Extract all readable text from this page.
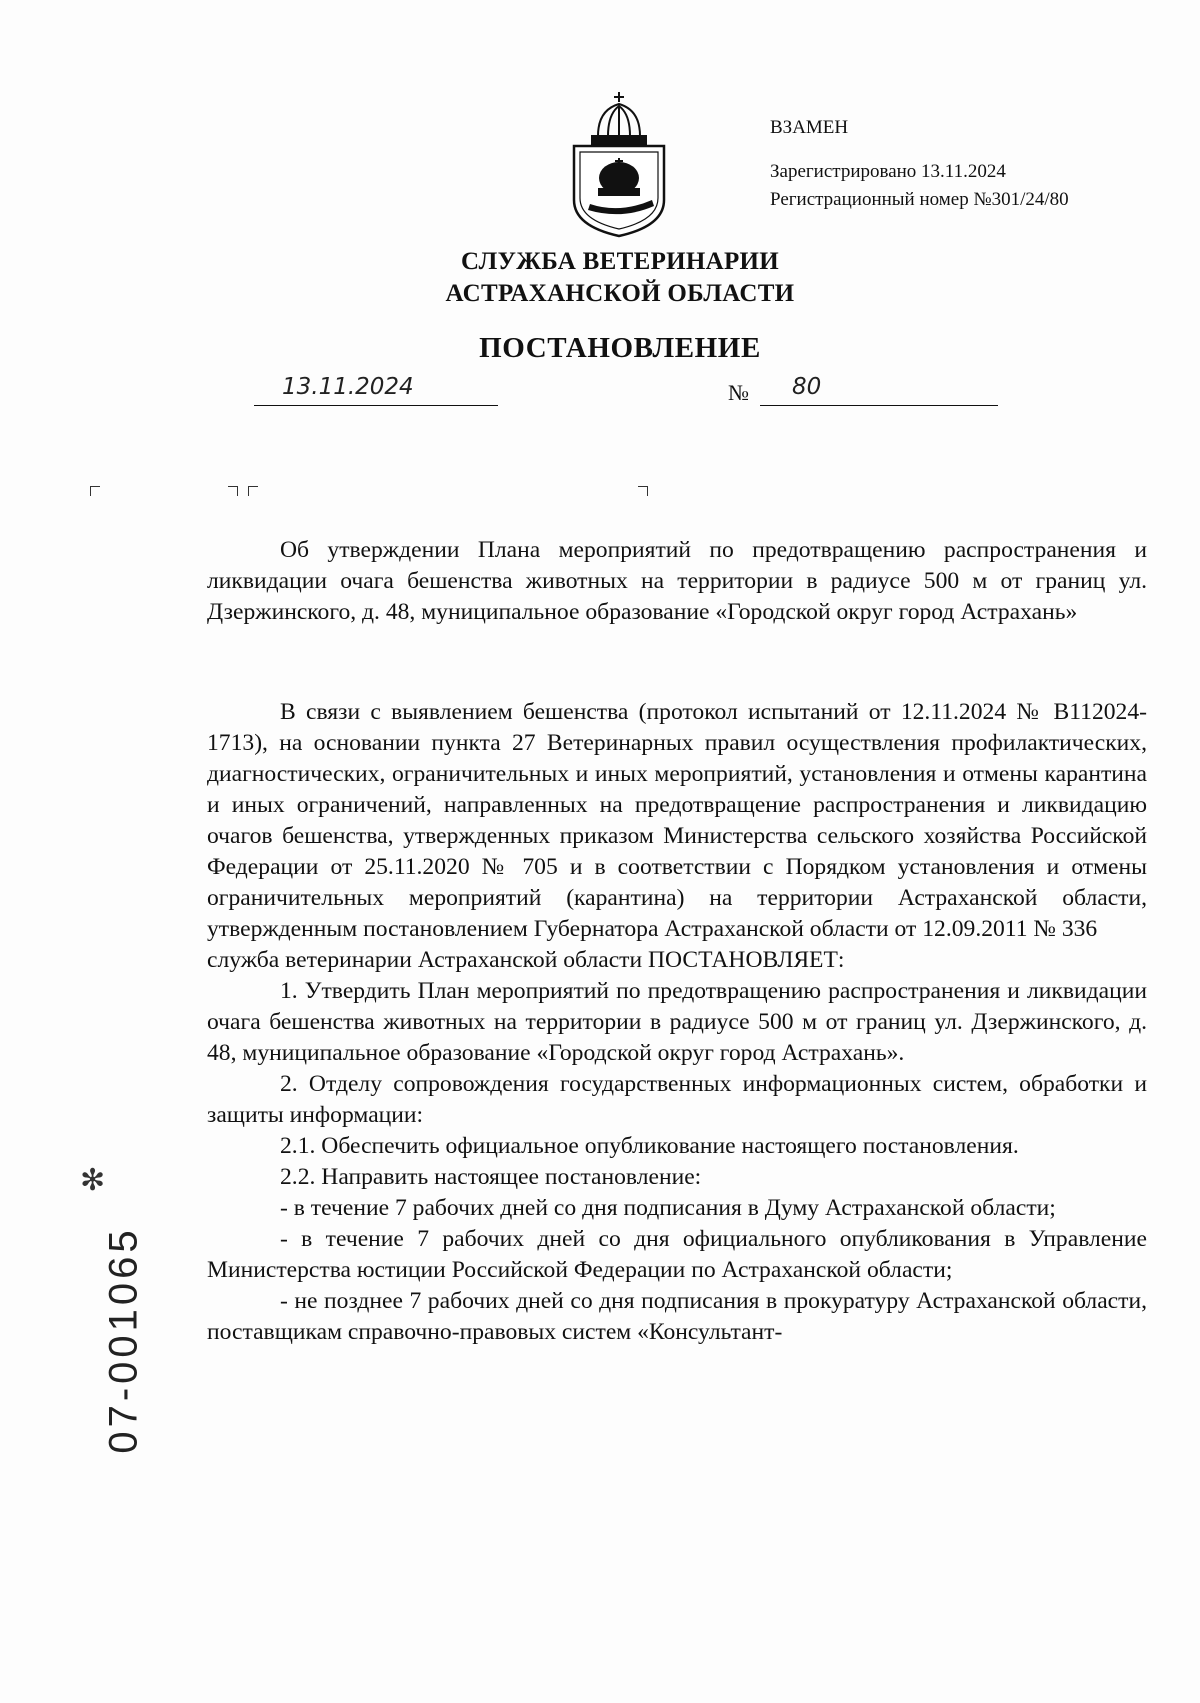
ВЗАМЕН
Зарегистрировано 13.11.2024
Регистрационный номер №301/24/80
СЛУЖБА ВЕТЕРИНАРИИ
АСТРАХАНСКОЙ ОБЛАСТИ
ПОСТАНОВЛЕНИЕ
13.11.2024	№ 80

Об утверждении Плана мероприятий по предотвращению распространения и ликвидации очага бешенства животных на территории в радиусе 500 м от границ ул. Дзержинского, д. 48, муниципальное образование «Городской округ город Астрахань»

В связи с выявлением бешенства (протокол испытаний от 12.11.2024 № В112024-1713), на основании пункта 27 Ветеринарных правил осуществления профилактических, диагностических, ограничительных и иных мероприятий, установления и отмены карантина и иных ограничений, направленных на предотвращение распространения и ликвидацию очагов бешенства, утвержденных приказом Министерства сельского хозяйства Российской Федерации от 25.11.2020 № 705 и в соответствии с Порядком установления и отмены ограничительных мероприятий (карантина) на территории Астраханской области, утвержденным постановлением Губернатора Астраханской области от 12.09.2011 № 336

служба ветеринарии Астраханской области ПОСТАНОВЛЯЕТ:

1. Утвердить План мероприятий по предотвращению распространения и ликвидации очага бешенства животных на территории в радиусе 500 м от границ ул. Дзержинского, д. 48, муниципальное образование «Городской округ город Астрахань».

2. Отделу сопровождения государственных информационных систем, обработки и защиты информации:

2.1. Обеспечить официальное опубликование настоящего постановления.

2.2. Направить настоящее постановление:

- в течение 7 рабочих дней со дня подписания в Думу Астраханской области;

- в течение 7 рабочих дней со дня официального опубликования в Управление Министерства юстиции Российской Федерации по Астраханской области;

- не позднее 7 рабочих дней со дня подписания в прокуратуру Астраханской области, поставщикам справочно-правовых систем «Консультант-

✻
07-001065
